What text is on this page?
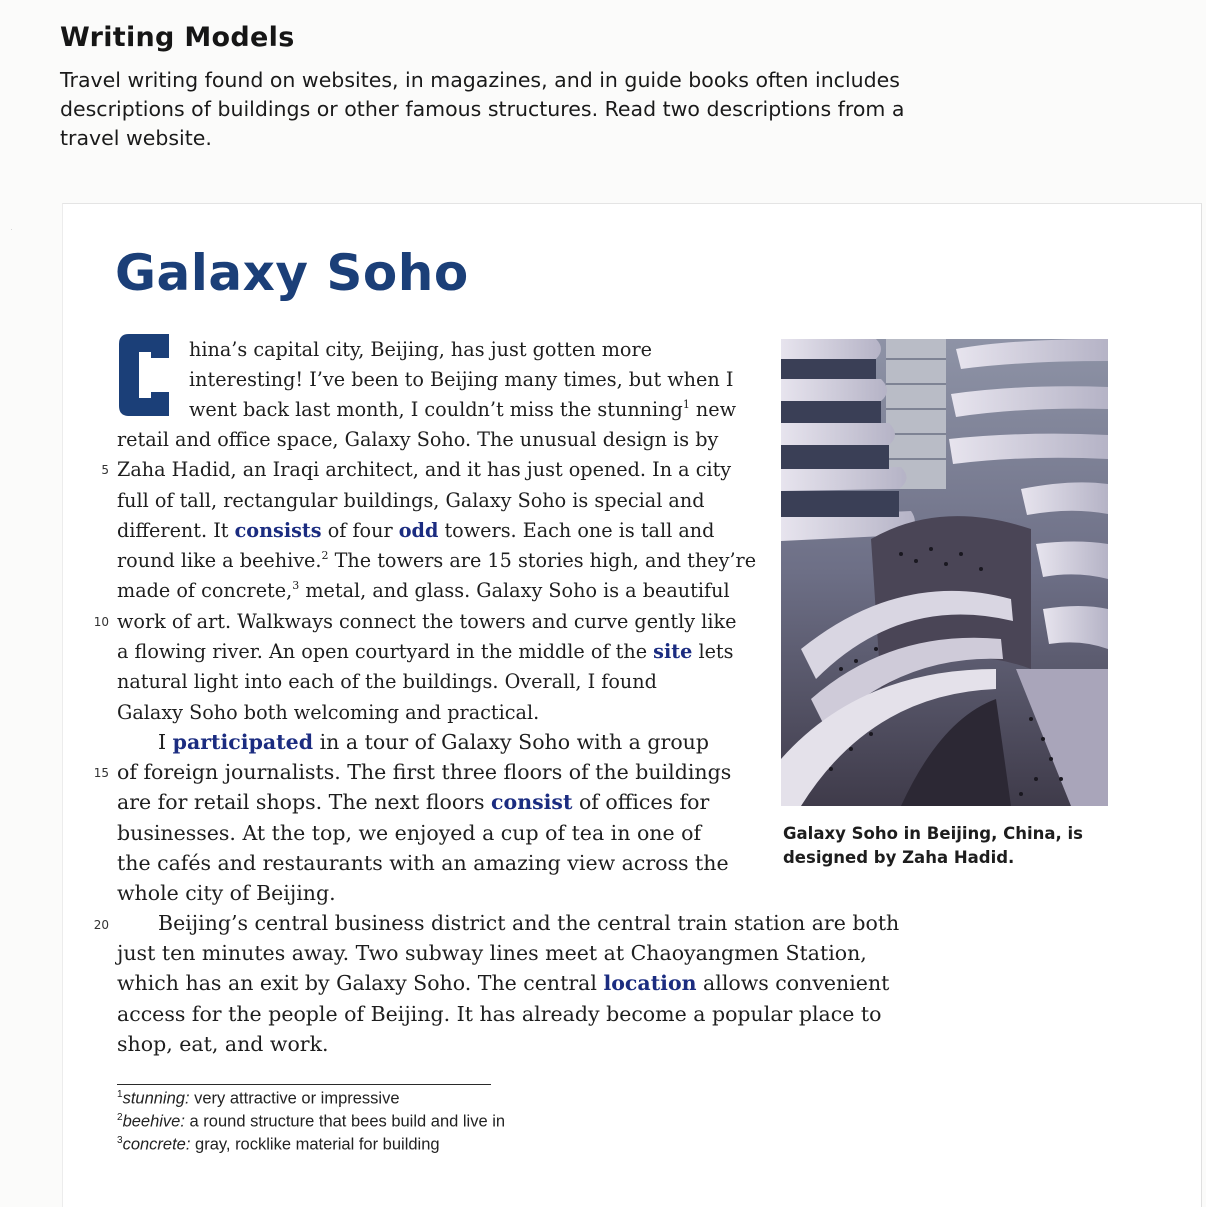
Writing Models

Travel writing found on websites, in magazines, and in guide books often includes descriptions of buildings or other famous structures. Read two descriptions from a travel website.

Galaxy Soho
C

hina’s capital city, Beijing, has just gotten more

interesting! I’ve been to Beijing many times, but when I

went back last month, I couldn’t miss the stunning$^1$ new

retail and office space, Galaxy Soho. The unusual design is by

Zaha Hadid, an Iraqi architect, and it has just opened. In a city

full of tall, rectangular buildings, Galaxy Soho is special and

different. It consists of four odd towers. Each one is tall and

round like a beehive.$^2$ The towers are 15 stories high, and they’re

made of concrete,$^3$ metal, and glass. Galaxy Soho is a beautiful

work of art. Walkways connect the towers and curve gently like

a flowing river. An open courtyard in the middle of the site lets

natural light into each of the buildings. Overall, I found

Galaxy Soho both welcoming and practical.

I participated in a tour of Galaxy Soho with a group

of foreign journalists. The first three floors of the buildings

are for retail shops. The next floors consist of offices for

businesses. At the top, we enjoyed a cup of tea in one of

the cafés and restaurants with an amazing view across the

whole city of Beijing.

Beijing’s central business district and the central train station are both

just ten minutes away. Two subway lines meet at Chaoyangmen Station,

which has an exit by Galaxy Soho. The central location allows convenient

access for the people of Beijing. It has already become a popular place to

shop, eat, and work.

5
10
15
20

Galaxy Soho in Beijing, China, is designed by Zaha Hadid.

$^1$stunning: very attractive or impressive

$^2$beehive: a round structure that bees build and live in

$^3$concrete: gray, rocklike material for building
